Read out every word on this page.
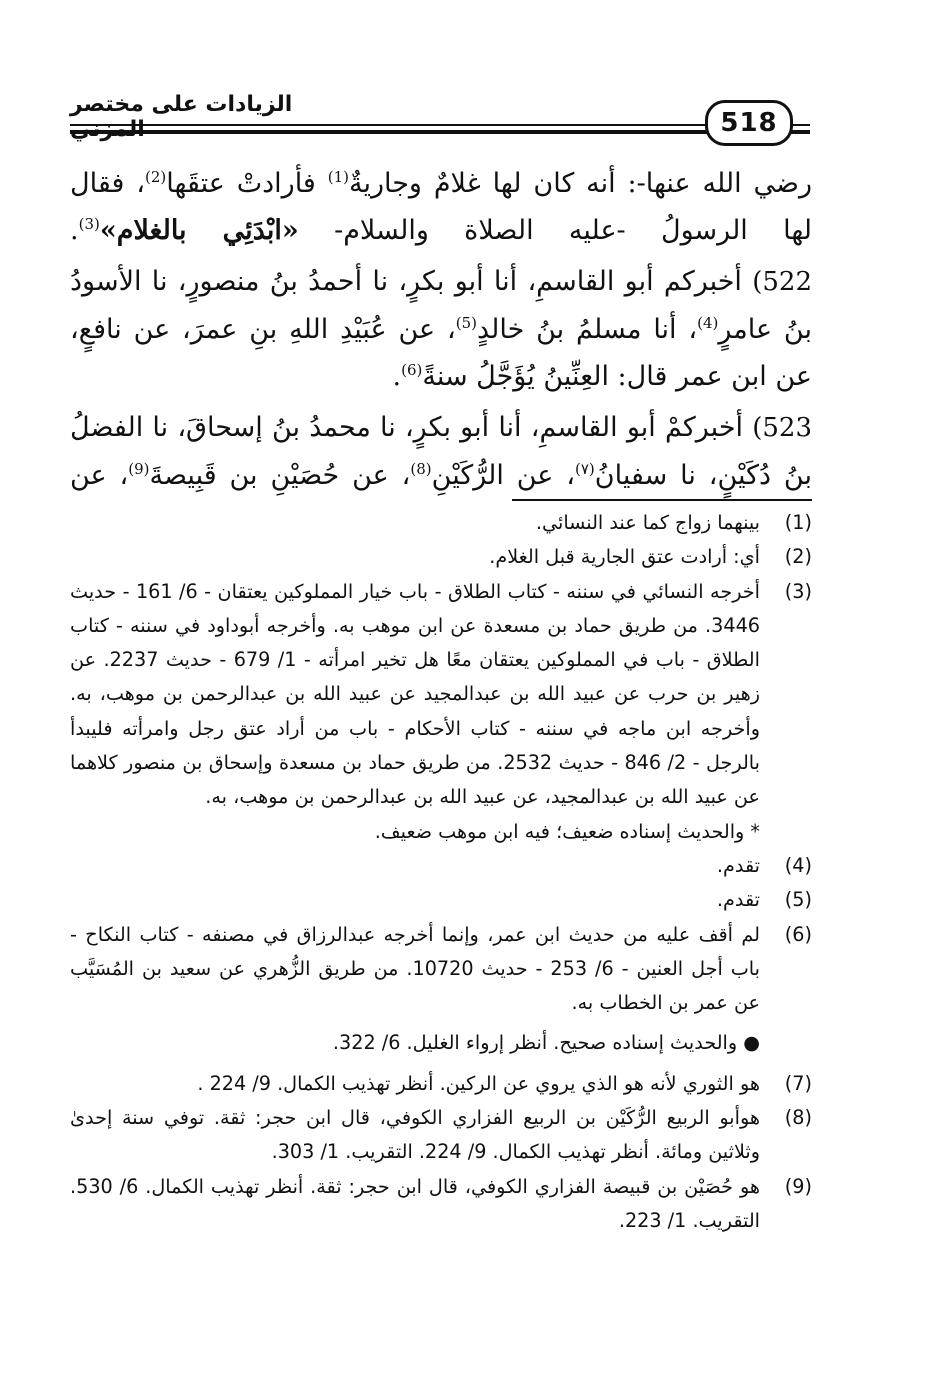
الزيادات على مختصر
518

رضي الله عنها-: أنه كان لها غلامٌ وجاريةٌ$^{(1)}$ فأرادتْ عتقَها$^{(2)}$، فقال لها الرسولُ -عليه الصلاة والسلام- «ابْدَئِي بالغلام»$^{(3)}$.

522) أخبركم أبو القاسمِ، أنا أبو بكرٍ، نا أحمدُ بنُ منصورٍ، نا الأسودُ بنُ عامرٍ$^{(4)}$، أنا مسلمُ بنُ خالدٍ$^{(5)}$، عن عُبَيْدِ اللهِ بنِ عمرَ، عن نافعٍ، عن ابن عمر قال: العِنِّينُ يُؤَجَّلُ سنةً$^{(6)}$.

523) أخبركمْ أبو القاسمِ، أنا أبو بكرٍ، نا محمدُ بنُ إسحاقَ، نا الفضلُ بنُ دُكَيْنٍ، نا سفيانُ$^{(٧)}$، عن الرُّكَيْنِ$^{(8)}$، عن حُصَيْنِ بن قَبِيصةَ$^{(9)}$، عن

(1)
بينهما زواج كما عند النسائي.
(2)
أي: أرادت عتق الجارية قبل الغلام.
(3)
أخرجه النسائي في سننه - كتاب الطلاق - باب خيار المملوكين يعتقان - 6/ 161 - حديث 3446. من طريق حماد بن مسعدة عن ابن موهب به. وأخرجه أبوداود في سننه - كتاب الطلاق - باب في المملوكين يعتقان معًا هل تخير امرأته - 1/ 679 - حديث 2237. عن زهير بن حرب عن عبيد الله بن عبدالمجيد عن عبيد الله بن عبدالرحمن بن موهب، به. وأخرجه ابن ماجه في سننه - كتاب الأحكام - باب من أراد عتق رجل وامرأته فليبدأ بالرجل - 2/ 846 - حديث 2532. من طريق حماد بن مسعدة وإسحاق بن منصور كلاهما عن عبيد الله بن عبدالمجيد، عن عبيد الله بن عبدالرحمن بن موهب، به.
* والحديث إسناده ضعيف؛ فيه ابن موهب ضعيف.
(4)
تقدم.
(5)
تقدم.
(6)
لم أقف عليه من حديث ابن عمر، وإنما أخرجه عبدالرزاق في مصنفه - كتاب النكاح - باب أجل العنين - 6/ 253 - حديث 10720. من طريق الزُّهري عن سعيد بن المُسَيَّب عن عمر بن الخطاب به.
● والحديث إسناده صحيح. أنظر إرواء الغليل. 6/ 322.
(7)
هو الثوري لأنه هو الذي يروي عن الركين. أنظر تهذيب الكمال. 9/ 224 .
(8)
هوأبو الربيع الرُّكَيْن بن الربيع الفزاري الكوفي، قال ابن حجر: ثقة. توفي سنة إحدىٰ وثلاثين ومائة. أنظر تهذيب الكمال. 9/ 224. التقريب. 1/ 303.
(9)
هو حُصَيْن بن قبيصة الفزاري الكوفي، قال ابن حجر: ثقة. أنظر تهذيب الكمال. 6/ 530. التقريب. 1/ 223.
